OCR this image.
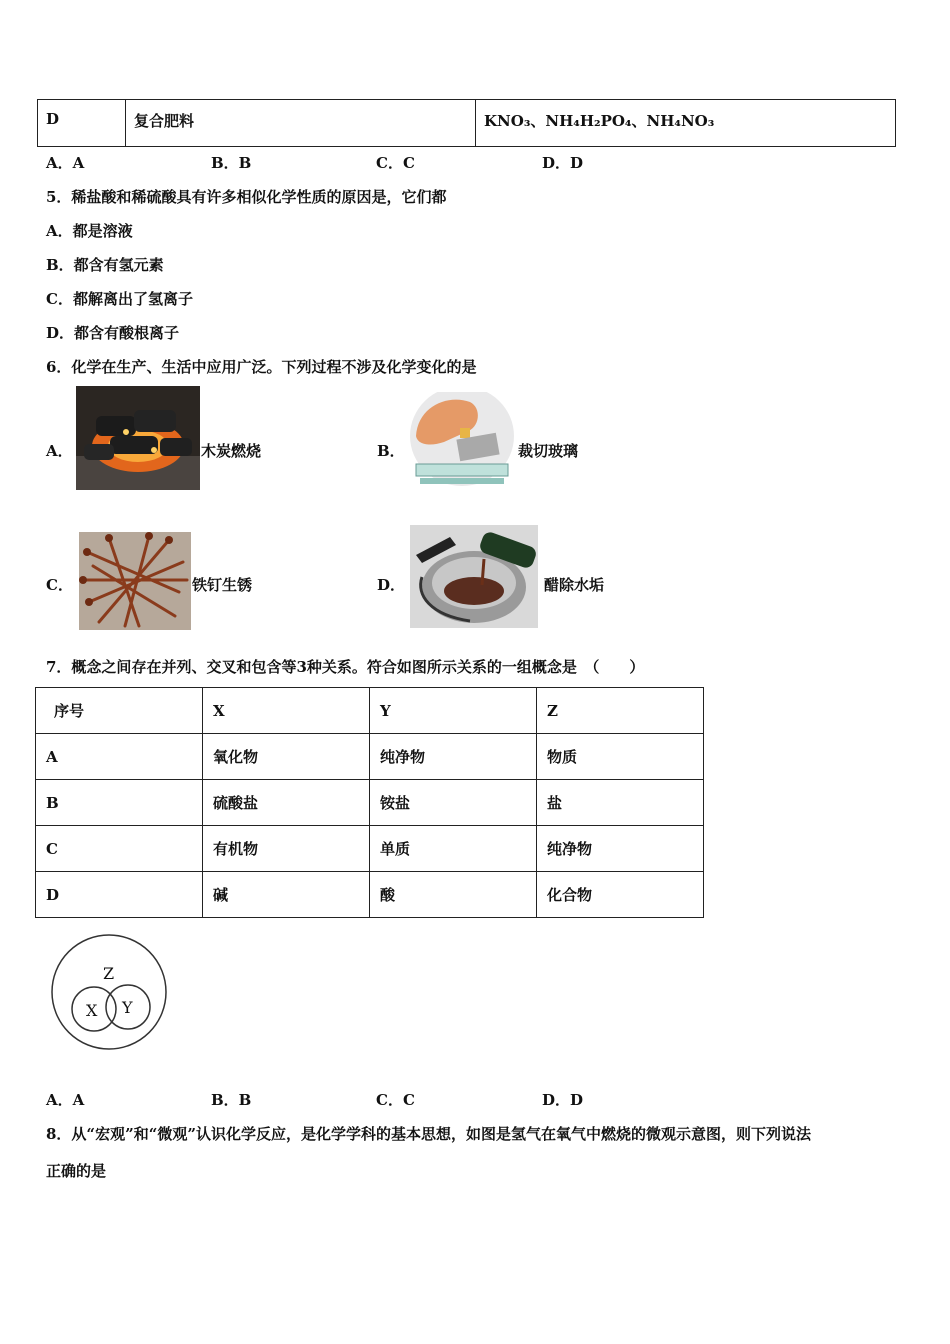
D	复合肥料	KNO₃、NH₄H₂PO₄、NH₄NO₃
A．A	B．B	C．C	D．D
5．稀盐酸和稀硫酸具有许多相似化学性质的原因是，它们都
A．都是溶液
B．都含有氢元素
C．都解离出了氢离子
D．都含有酸根离子
6．化学在生产、生活中应用广泛。下列过程不涉及化学变化的是
A．	木炭燃烧	B．	裁切玻璃
C．	铁钉生锈	D．	醋除水垢
7．概念之间存在并列、交叉和包含等3种关系。符合如图所示关系的一组概念是　（　　）
序号	X	Y	Z
A	氧化物	纯净物	物质
B	硫酸盐	铵盐	盐
C	有机物	单质	纯净物
D	碱	酸	化合物
Z
X Y
A．A	B．B	C．C	D．D
8．从“宏观”和“微观”认识化学反应，是化学学科的基本思想，如图是氢气在氧气中燃烧的微观示意图，则下列说法
正确的是
